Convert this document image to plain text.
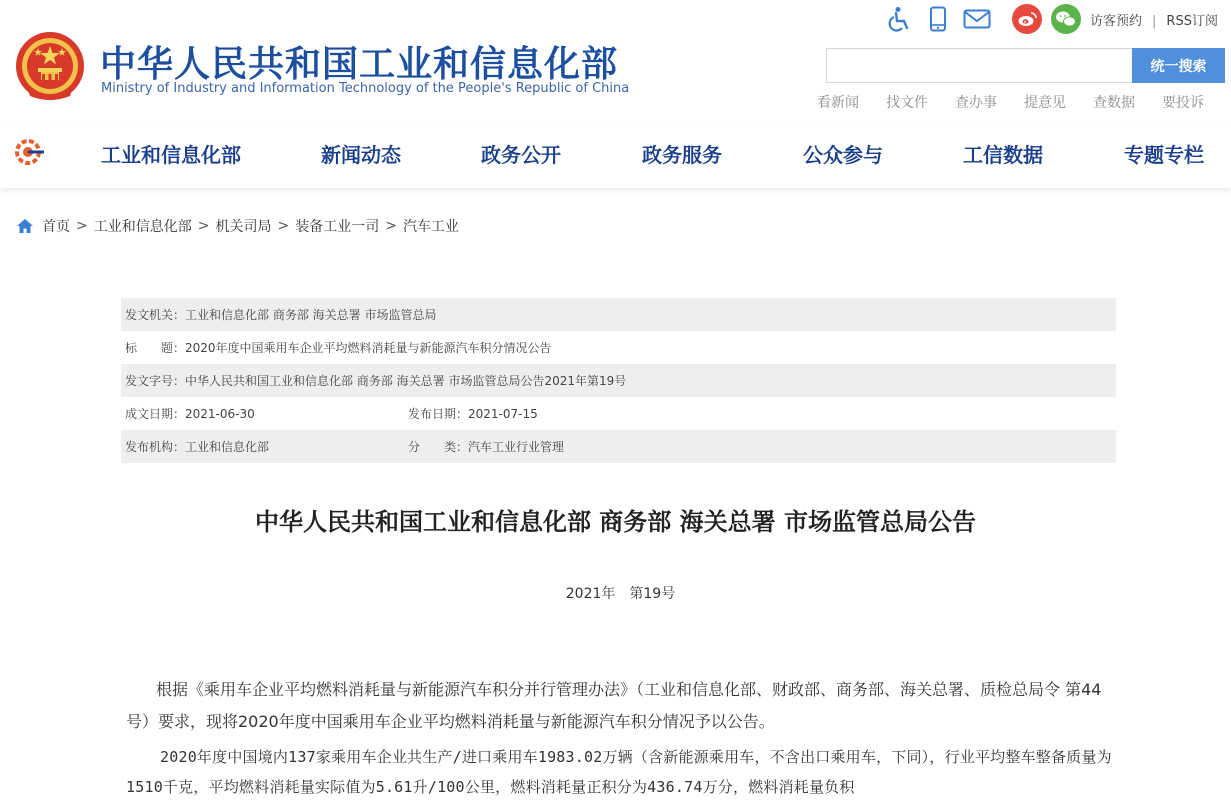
中华人民共和国工业和信息化部
Ministry of Industry and Information Technology of the People's Republic of China
访客预约 | RSS订阅
统一搜索
看新闻 找文件 查办事 提意见 查数据 要投诉
工业和信息化部	新闻动态	政务公开	政务服务	公众参与	工信数据	专题专栏
首页 > 工业和信息化部 > 机关司局 > 装备工业一司 > 汽车工业
发文机关： 工业和信息化部 商务部 海关总署 市场监管总局
标　　题： 2020年度中国乘用车企业平均燃料消耗量与新能源汽车积分情况公告
发文字号： 中华人民共和国工业和信息化部 商务部 海关总署 市场监管总局公告2021年第19号
成文日期： 2021-06-30	发布日期：2021-07-15
发布机构： 工业和信息化部	分　　类：汽车工业行业管理
中华人民共和国工业和信息化部 商务部 海关总署 市场监管总局公告
2021年　第19号
根据《乘用车企业平均燃料消耗量与新能源汽车积分并行管理办法》（工业和信息化部、财政部、商务部、海关总署、质检总局令 第44号）要求，现将2020年度中国乘用车企业平均燃料消耗量与新能源汽车积分情况予以公告。
2020年度中国境内137家乘用车企业共生产/进口乘用车1983.02万辆（含新能源乘用车，不含出口乘用车，下同），行业平均整车整备质量为1510千克，平均燃料消耗量实际值为5.61升/100公里，燃料消耗量正积分为436.74万分，燃料消耗量负积
